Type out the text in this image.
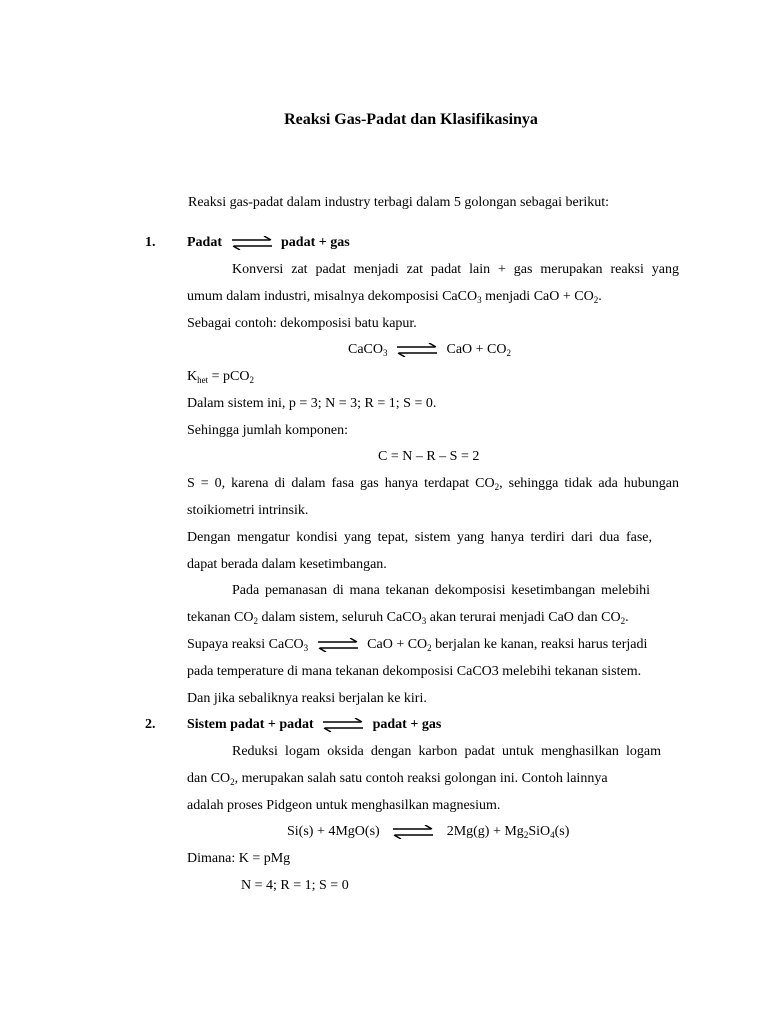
Reaksi Gas-Padat dan Klasifikasinya
Reaksi gas-padat dalam industry terbagi dalam 5 golongan sebagai berikut:
1. Padat ⇌ padat + gas
Konversi zat padat menjadi zat padat lain + gas merupakan reaksi yang
umum dalam industri, misalnya dekomposisi CaCO$_3$ menjadi CaO + $CO_2$.
Sebagai contoh: dekomposisi batu kapur.
CaCO$_3$ ⇌ CaO + $CO_2$
$K_{het} = pCO_2$
Dalam sistem ini, p = 3; N = 3; R = 1; S = 0.
Sehingga jumlah komponen:
C = N – R – S = 2
S = 0, karena di dalam fasa gas hanya terdapat $CO_2$, sehingga tidak ada hubungan
stoikiometri intrinsik.
Dengan mengatur kondisi yang tepat, sistem yang hanya terdiri dari dua fase,
dapat berada dalam kesetimbangan.
Pada pemanasan di mana tekanan dekomposisi kesetimbangan melebihi
tekanan $CO_2$ dalam sistem, seluruh CaCO$_3$ akan terurai menjadi CaO dan $CO_2$.
Supaya reaksi CaCO$_3$ ⇌ CaO + $CO_2$ berjalan ke kanan, reaksi harus terjadi
pada temperature di mana tekanan dekomposisi CaCO3 melebihi tekanan sistem.
Dan jika sebaliknya reaksi berjalan ke kiri.
2. Sistem padat + padat ⇌ padat + gas
Reduksi logam oksida dengan karbon padat untuk menghasilkan logam
dan $CO_2$, merupakan salah satu contoh reaksi golongan ini. Contoh lainnya
adalah proses Pidgeon untuk menghasilkan magnesium.
Si(s) + 4MgO(s) ⇌ $2Mg(g) + Mg_2SiO_4(s)$
Dimana: K = pMg
N = 4; R = 1; S = 0
